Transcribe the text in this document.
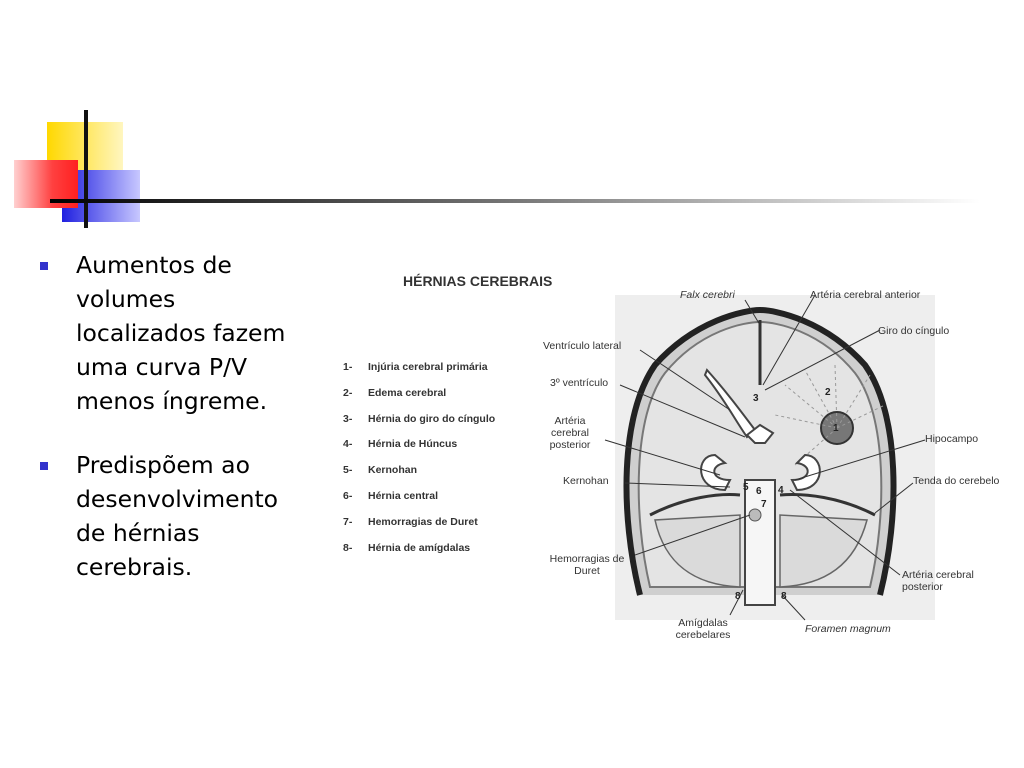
Aumentos de volumes localizados fazem uma curva P/V menos íngreme.
Predispõem ao desenvolvimento de hérnias cerebrais.
HÉRNIAS CEREBRAIS
1- Injúria cerebral primária
2- Edema cerebral
3- Hérnia do giro do cíngulo
4- Hérnia de Húncus
5- Kernohan
6- Hérnia central
7- Hemorragias de Duret
8- Hérnia de amígdalas
Falx cerebri	Artéria cerebral anterior
Giro do cíngulo
Ventrículo lateral
3º ventrículo
Artéria cerebral posterior	Hipocampo
Kernohan	Tenda do cerebelo
Hemorragias de Duret	Artéria cerebral posterior
Amígdalas cerebelares	Foramen magnum
1
2
3
4
5 6
7
8	8
